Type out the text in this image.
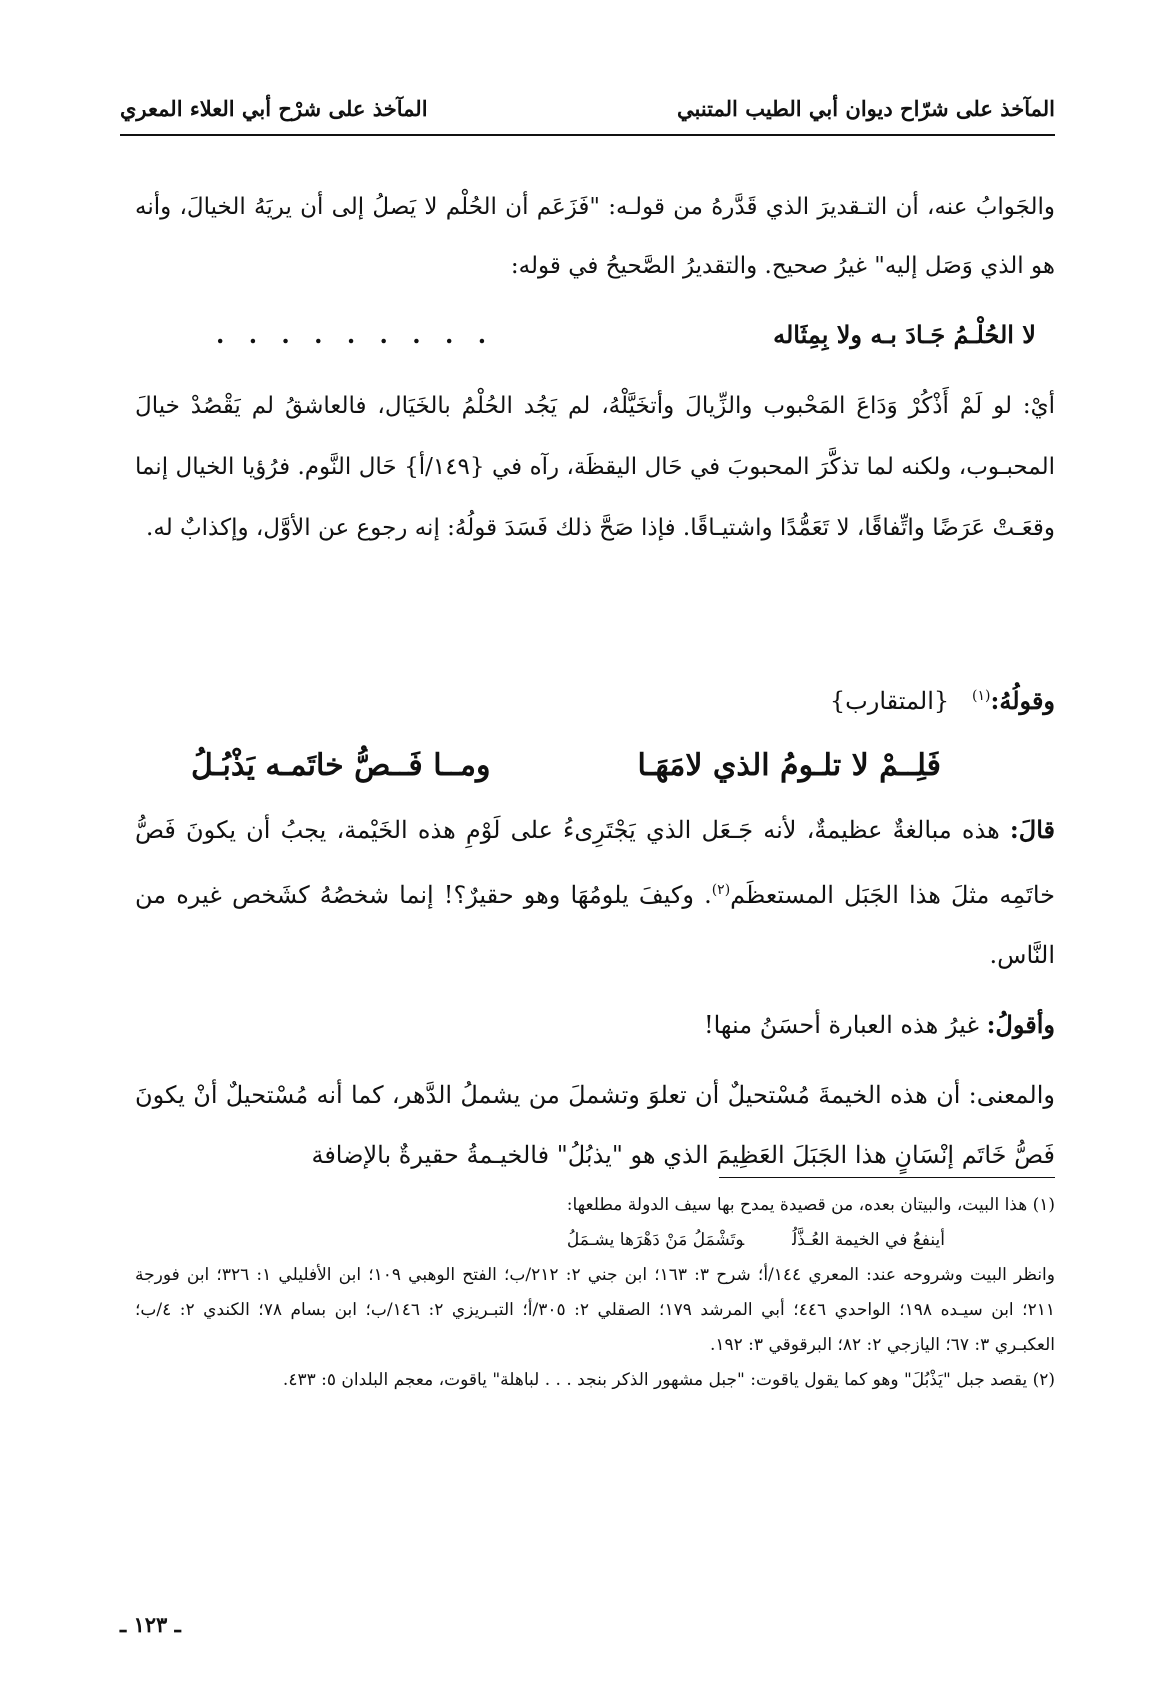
المآخذ على شرّاح ديوان أبي الطيب المتنبي
المآخذ على شرْح أبي العلاء المعري

والجَوابُ عنه، أن التـقديرَ الذي قَدَّرهُ من قولـه: "فَزَعَم أن الحُلْم لا يَصلُ إلى أن يريَهُ الخيالَ، وأنه هو الذي وَصَل إليه" غيرُ صحيح. والتقديرُ الصَّحيحُ في قوله:

لا الحُلْـمُ جَـادَ بـه ولا بِمِثَاله
. . . . . . . . .

أيْ: لو لَمْ أَذْكُرْ وَدَاعَ المَحْبوب والزِّيالَ وأتخَيَّلْهُ، لم يَجُد الحُلْمُ بالخَيَال، فالعاشقُ لم يَقْصُدْ خيالَ المحبـوب، ولكنه لما تذكَّرَ المحبوبَ في حَال اليقظَة، رآه في {١٤٩/أ} حَال النَّوم. فرُؤيا الخيال إنما وقعَـتْ عَرَضًا واتِّفاقًا، لا تَعَمُّدًا واشتيـاقًا. فإذا صَحَّ ذلك فَسَدَ قولُهُ: إنه رجوع عن الأوَّل، وإكذابٌ له.

وقولُهُ:$^{(١)}$   {المتقارب}
فَلِــمْ لا تلـومُ الذي لامَهَـا
ومــا فَــصُّ خاتَمـه يَذْبُـلُ

قالَ: هذه مبالغةٌ عظيمةٌ، لأنه جَـعَل الذي يَجْتَرِىءُ على لَوْمِ هذه الخَيْمة، يجبُ أن يكونَ فَصُّ خاتَمِه مثلَ هذا الجَبَل المستعظَم$^{(٢)}$. وكيفَ يلومُهَا وهو حقيرٌ؟! إنما شخصُهُ كشَخص غيره من النَّاس.

وأقولُ: غيرُ هذه العبارة أحسَنُ منها!

والمعنى: أن هذه الخيمةَ مُسْتحيلٌ أن تعلوَ وتشملَ من يشملُ الدَّهر، كما أنه مُسْتحيلٌ أنْ يكونَ فَصُّ خَاتَم إنْسَانٍ هذا الجَبَلَ العَظِيمَ الذي هو "يذبُلُ" فالخيـمةُ حقيرةٌ بالإضافة

(١) هذا البيت، والبيتان بعده، من قصيدة يمدح بها سيف الدولة مطلعها:

أينفعُ في الخيمة العُـذَّلُوتَشْمَلُ مَنْ دَهْرَها يشـمَلُ

وانظر البيت وشروحه عند: المعري ١٤٤/أ؛ شرح ٣: ١٦٣؛ ابن جني ٢: ٢١٢/ب؛ الفتح الوهبي ١٠٩؛ ابن الأفليلي ١: ٣٢٦؛ ابن فورجة ٢١١؛ ابن سيـده ١٩٨؛ الواحدي ٤٤٦؛ أبي المرشد ١٧٩؛ الصقلي ٢: ٣٠٥/أ؛ التبـريزي ٢: ١٤٦/ب؛ ابن بسام ٧٨؛ الكندي ٢: ٤/ب؛ العكبـري ٣: ٦٧؛ اليازجي ٢: ٨٢؛ البرقوقي ٣: ١٩٢.

(٢) يقصد جبل "يَذْبُلَ" وهو كما يقول ياقوت: "جبل مشهور الذكر بنجد . . . لباهلة" ياقوت، معجم البلدان ٥: ٤٣٣.

ـ ١٢٣ ـ
